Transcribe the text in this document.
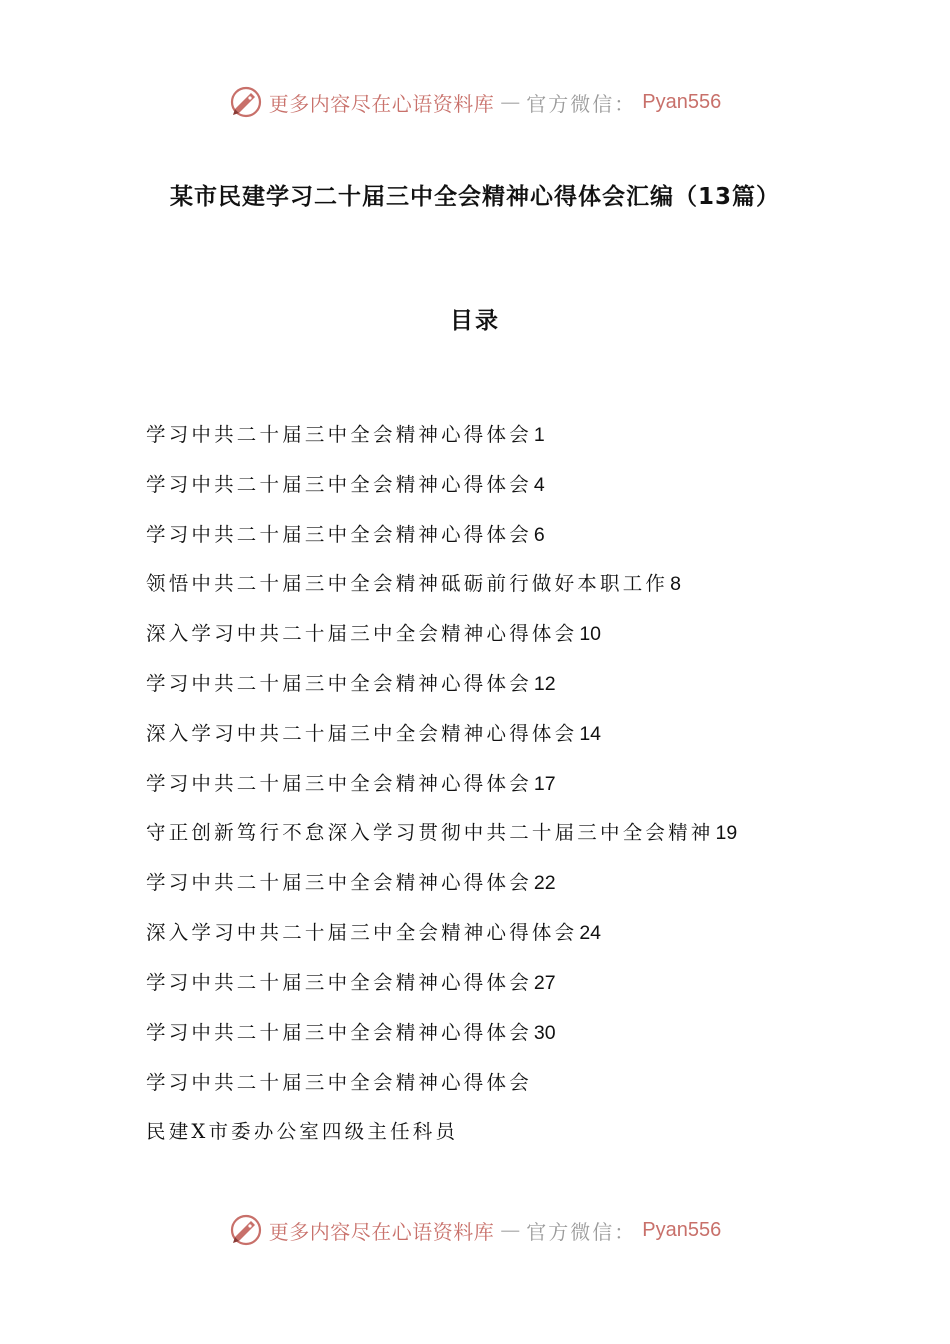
更多内容尽在心语资料库 — 官方微信： Pyan556
某市民建学习二十届三中全会精神心得体会汇编（13篇）
目录
学习中共二十届三中全会精神心得体会 1
学习中共二十届三中全会精神心得体会 4
学习中共二十届三中全会精神心得体会 6
领悟中共二十届三中全会精神砥砺前行做好本职工作 8
深入学习中共二十届三中全会精神心得体会 10
学习中共二十届三中全会精神心得体会 12
深入学习中共二十届三中全会精神心得体会 14
学习中共二十届三中全会精神心得体会 17
守正创新笃行不怠深入学习贯彻中共二十届三中全会精神 19
学习中共二十届三中全会精神心得体会 22
深入学习中共二十届三中全会精神心得体会 24
学习中共二十届三中全会精神心得体会 27
学习中共二十届三中全会精神心得体会 30

学习中共二十届三中全会精神心得体会

民建X市委办公室四级主任科员

更多内容尽在心语资料库 — 官方微信： Pyan556
